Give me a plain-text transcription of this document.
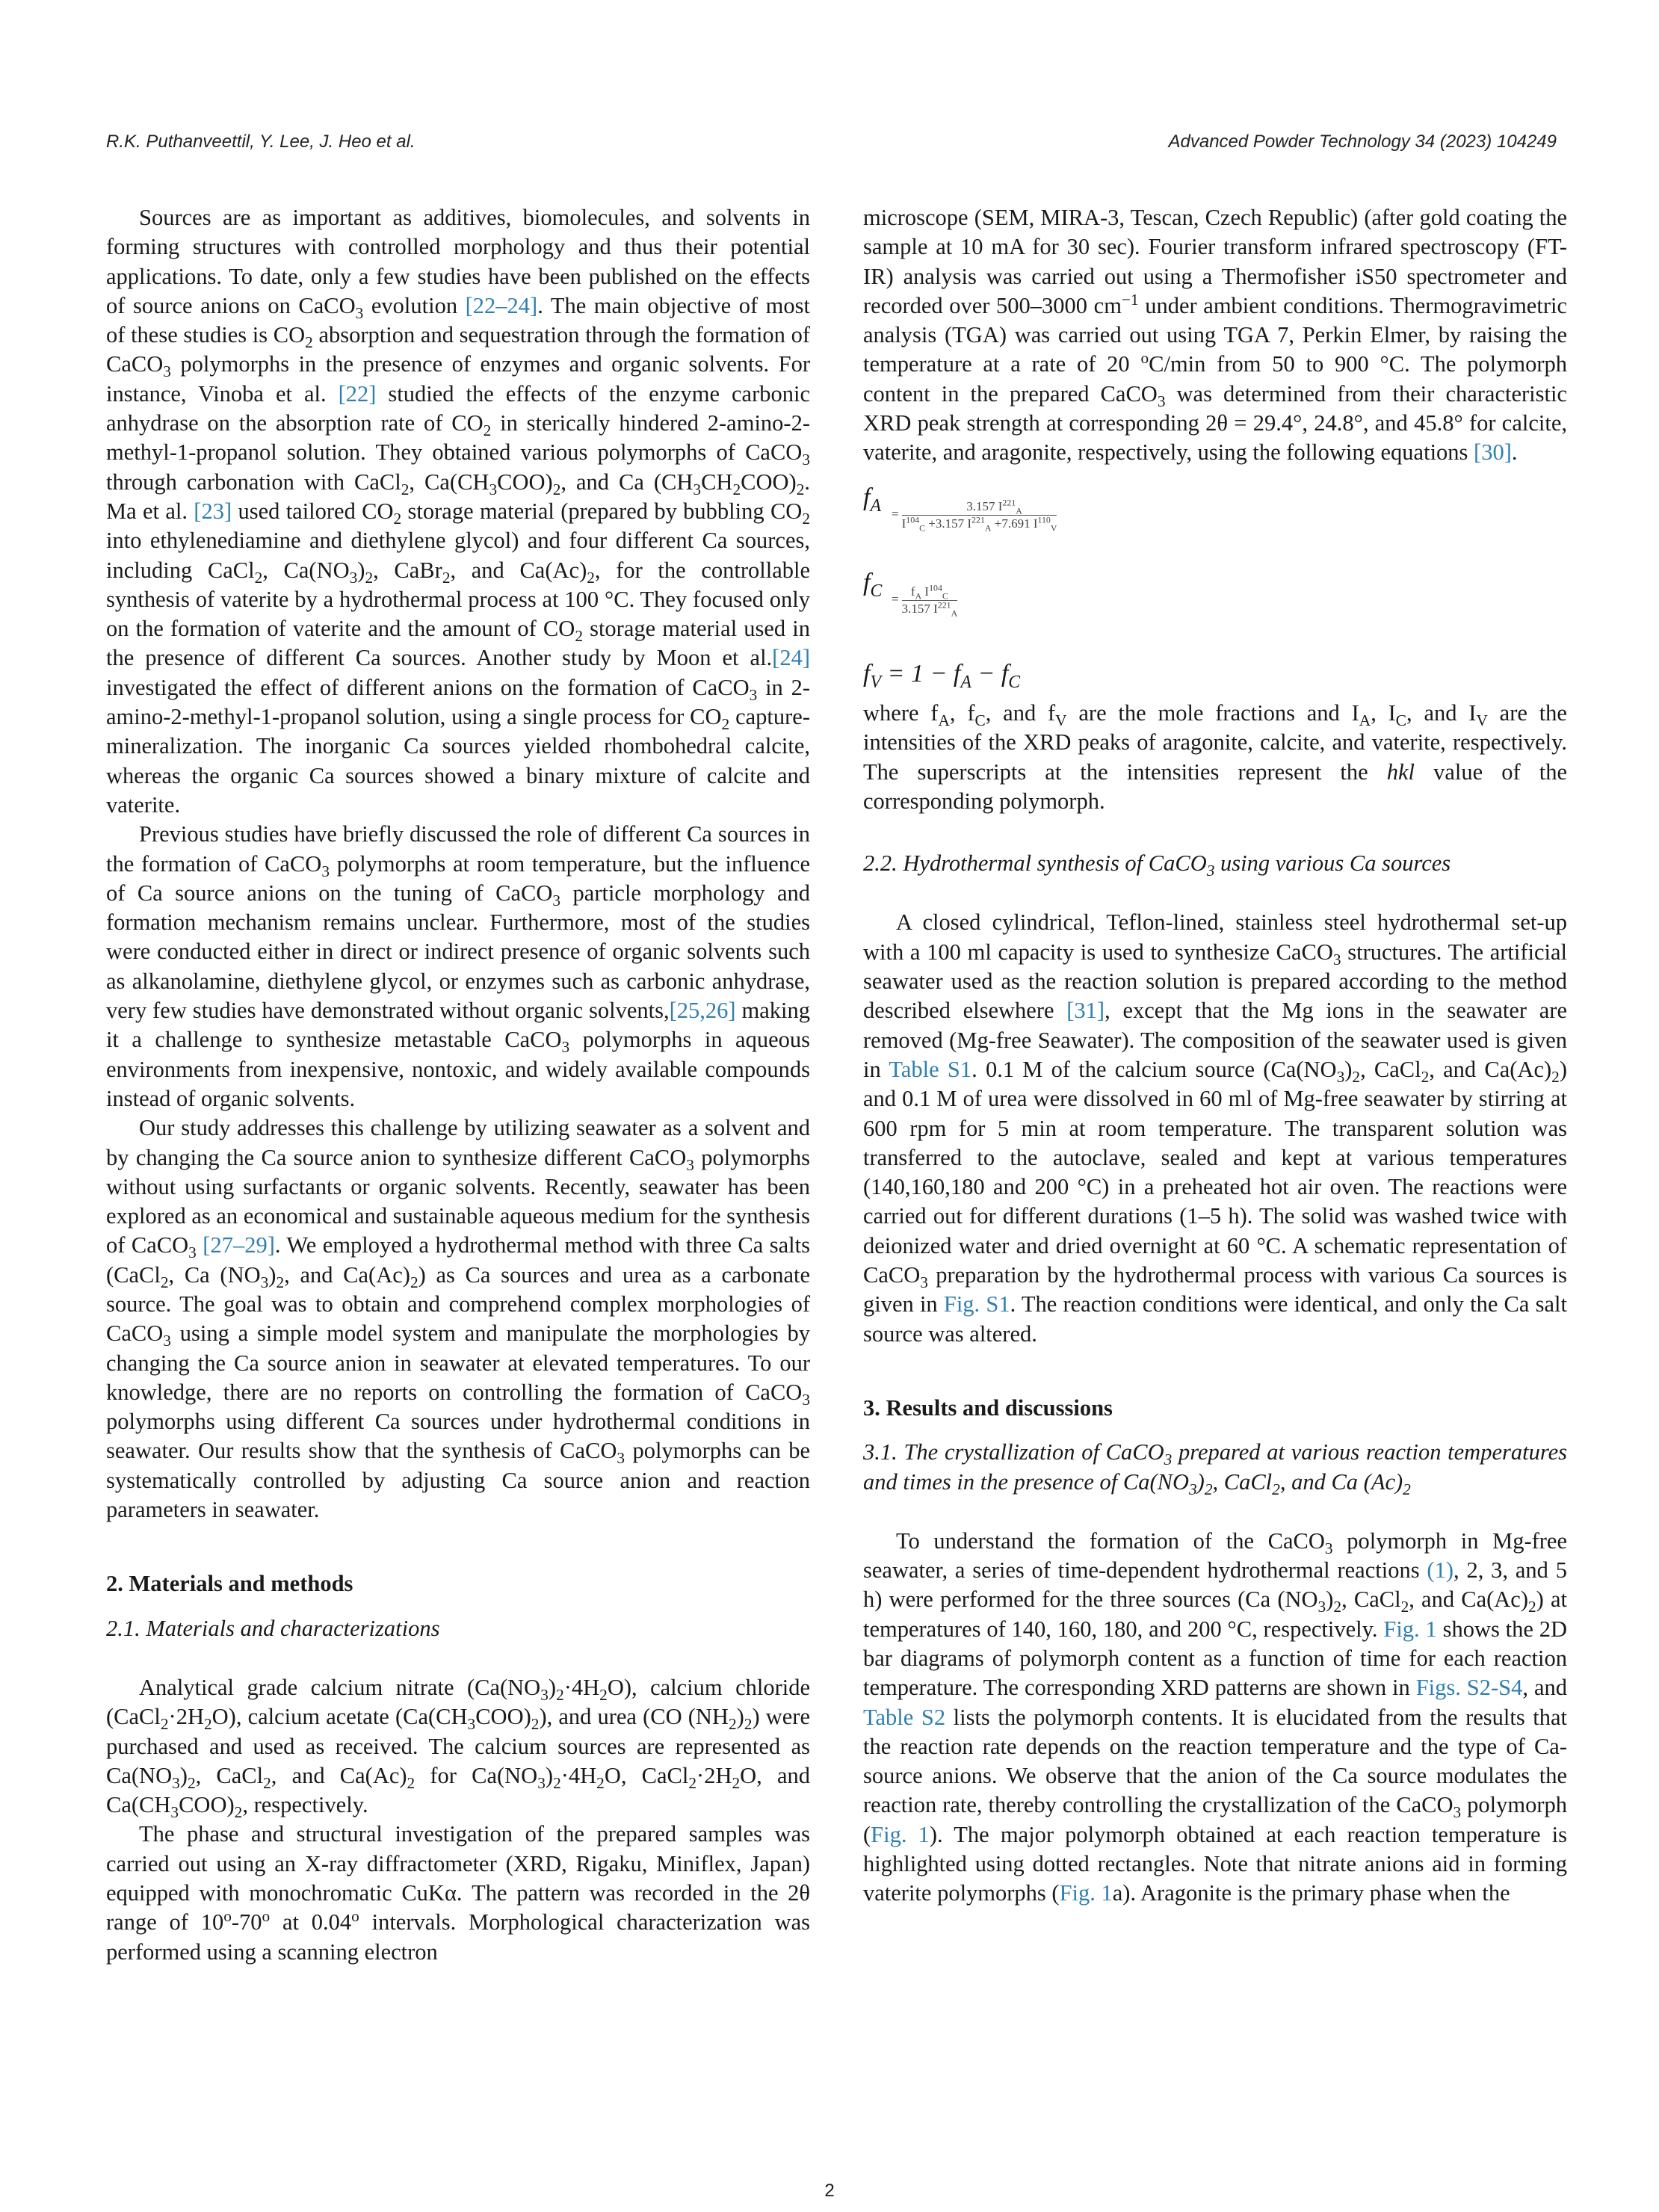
R.K. Puthanveettil, Y. Lee, J. Heo et al.	Advanced Powder Technology 34 (2023) 104249

Sources are as important as additives, biomolecules, and solvents in forming structures with controlled morphology and thus their potential applications. To date, only a few studies have been published on the effects of source anions on CaCO$_3$ evolution [22–24]. The main objective of most of these studies is $CO_2$ absorption and sequestration through the formation of CaCO$_3$ polymorphs in the presence of enzymes and organic solvents. For instance, Vinoba et al. [22] studied the effects of the enzyme carbonic anhydrase on the absorption rate of $CO_2$ in sterically hindered 2-amino-2-methyl-1-propanol solution. They obtained various polymorphs of CaCO$_3$ through carbonation with CaCl$_2$, $Ca(CH_3COO)_2$, and Ca $(CH_3CH_2COO)_2$. Ma et al. [23] used tailored $CO_2$ storage material (prepared by bubbling $CO_2$ into ethylenediamine and diethylene glycol) and four different Ca sources, including CaCl$_2$, $Ca(NO_3)_2$, CaBr$_2$, and $Ca(Ac)_2$, for the controllable synthesis of vaterite by a hydrothermal process at 100 °C. They focused only on the formation of vaterite and the amount of $CO_2$ storage material used in the presence of different Ca sources. Another study by Moon et al.[24] investigated the effect of different anions on the formation of CaCO$_3$ in 2-amino-2-methyl-1-propanol solution, using a single process for $CO_2$ capture-mineralization. The inorganic Ca sources yielded rhombohedral calcite, whereas the organic Ca sources showed a binary mixture of calcite and vaterite.

Previous studies have briefly discussed the role of different Ca sources in the formation of CaCO$_3$ polymorphs at room temperature, but the influence of Ca source anions on the tuning of CaCO$_3$ particle morphology and formation mechanism remains unclear. Furthermore, most of the studies were conducted either in direct or indirect presence of organic solvents such as alkanolamine, diethylene glycol, or enzymes such as carbonic anhydrase, very few studies have demonstrated without organic solvents,[25,26] making it a challenge to synthesize metastable CaCO$_3$ polymorphs in aqueous environments from inexpensive, nontoxic, and widely available compounds instead of organic solvents.

Our study addresses this challenge by utilizing seawater as a solvent and by changing the Ca source anion to synthesize different CaCO$_3$ polymorphs without using surfactants or organic solvents. Recently, seawater has been explored as an economical and sustainable aqueous medium for the synthesis of CaCO$_3$ [27–29]. We employed a hydrothermal method with three Ca salts (CaCl$_2$, Ca $(NO_3)_2$, and $Ca(Ac)_2$) as Ca sources and urea as a carbonate source. The goal was to obtain and comprehend complex morphologies of CaCO$_3$ using a simple model system and manipulate the morphologies by changing the Ca source anion in seawater at elevated temperatures. To our knowledge, there are no reports on controlling the formation of CaCO$_3$ polymorphs using different Ca sources under hydrothermal conditions in seawater. Our results show that the synthesis of CaCO$_3$ polymorphs can be systematically controlled by adjusting Ca source anion and reaction parameters in seawater.

2. Materials and methods

2.1. Materials and characterizations

Analytical grade calcium nitrate $(Ca(NO_3)_2\cdot 4H_2O)$, calcium chloride $(CaCl_2\cdot 2H_2O)$, calcium acetate $(Ca(CH_3COO)_2)$, and urea (CO $(NH_2)_2$) were purchased and used as received. The calcium sources are represented as $Ca(NO_3)_2$, CaCl$_2$, and $Ca(Ac)_2$ for $Ca(NO_3)_2\cdot 4H_2O$, $CaCl_2\cdot 2H_2O$, and $Ca(CH_3COO)_2$, respectively.

The phase and structural investigation of the prepared samples was carried out using an X-ray diffractometer (XRD, Rigaku, Miniflex, Japan) equipped with monochromatic CuKα. The pattern was recorded in the 2θ range of 10$^o$-70$^o$ at 0.04$^o$ intervals. Morphological characterization was performed using a scanning electron

microscope (SEM, MIRA-3, Tescan, Czech Republic) (after gold coating the sample at 10 mA for 30 sec). Fourier transform infrared spectroscopy (FT-IR) analysis was carried out using a Thermofisher iS50 spectrometer and recorded over 500–3000 $cm^{-1}$ under ambient conditions. Thermogravimetric analysis (TGA) was carried out using TGA 7, Perkin Elmer, by raising the temperature at a rate of 20 $^o$C/min from 50 to 900 °C. The polymorph content in the prepared CaCO$_3$ was determined from their characteristic XRD peak strength at corresponding 2θ = 29.4°, 24.8°, and 45.8° for calcite, vaterite, and aragonite, respectively, using the following equations [30].

$f_A = \frac{3.157 I^{221}_A}{I^{104}_C +3.157 I^{221}_A +7.691 I^{110}_V}$
$f_C = \frac{f_A I^{104}_C}{3.157 I^{221}_A}$

$f_V = 1 - f_A - f_C$

where $f_A$, $f_C$, and $f_V$ are the mole fractions and $I_A$, $I_C$, and $I_V$ are the intensities of the XRD peaks of aragonite, calcite, and vaterite, respectively. The superscripts at the intensities represent the hkl value of the corresponding polymorph.

2.2. Hydrothermal synthesis of CaCO$_3$ using various Ca sources

A closed cylindrical, Teflon-lined, stainless steel hydrothermal set-up with a 100 ml capacity is used to synthesize CaCO$_3$ structures. The artificial seawater used as the reaction solution is prepared according to the method described elsewhere [31], except that the Mg ions in the seawater are removed (Mg-free Seawater). The composition of the seawater used is given in Table S1. 0.1 M of the calcium source ($Ca(NO_3)_2$, CaCl$_2$, and $Ca(Ac)_2$) and 0.1 M of urea were dissolved in 60 ml of Mg-free seawater by stirring at 600 rpm for 5 min at room temperature. The transparent solution was transferred to the autoclave, sealed and kept at various temperatures (140,160,180 and 200 °C) in a preheated hot air oven. The reactions were carried out for different durations (1–5 h). The solid was washed twice with deionized water and dried overnight at 60 °C. A schematic representation of CaCO$_3$ preparation by the hydrothermal process with various Ca sources is given in Fig. S1. The reaction conditions were identical, and only the Ca salt source was altered.

3. Results and discussions

3.1. The crystallization of CaCO$_3$ prepared at various reaction temperatures and times in the presence of $Ca(NO_3)_2$, CaCl$_2$, and Ca $(Ac)_2$

To understand the formation of the CaCO$_3$ polymorph in Mg-free seawater, a series of time-dependent hydrothermal reactions (1), 2, 3, and 5 h) were performed for the three sources (Ca $(NO_3)_2$, CaCl$_2$, and $Ca(Ac)_2$) at temperatures of 140, 160, 180, and 200 °C, respectively. Fig. 1 shows the 2D bar diagrams of polymorph content as a function of time for each reaction temperature. The corresponding XRD patterns are shown in Figs. S2-S4, and Table S2 lists the polymorph contents. It is elucidated from the results that the reaction rate depends on the reaction temperature and the type of Ca-source anions. We observe that the anion of the Ca source modulates the reaction rate, thereby controlling the crystallization of the CaCO$_3$ polymorph (Fig. 1). The major polymorph obtained at each reaction temperature is highlighted using dotted rectangles. Note that nitrate anions aid in forming vaterite polymorphs (Fig. 1a). Aragonite is the primary phase when the

2
